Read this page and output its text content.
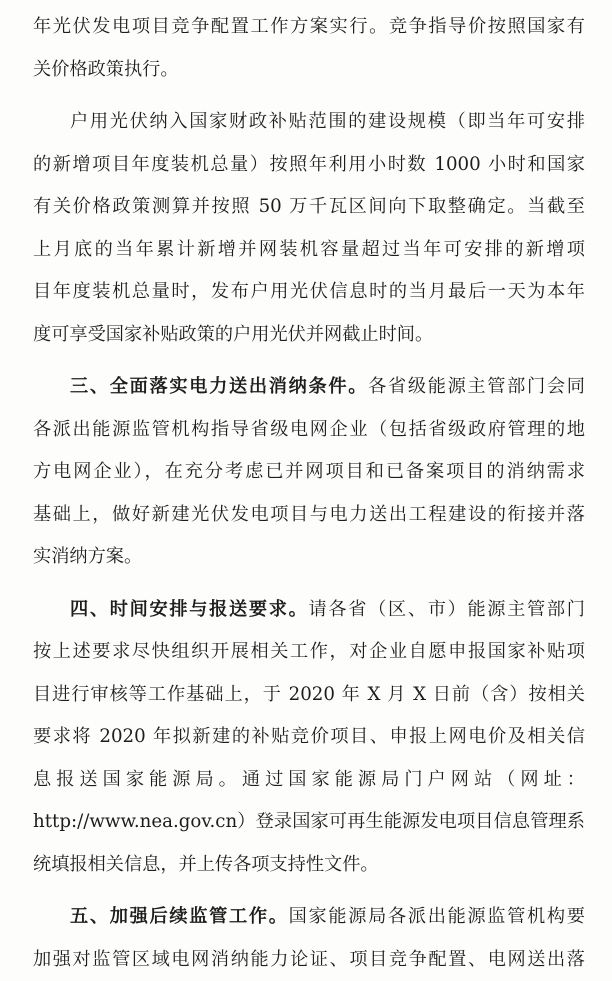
年光伏发电项目竞争配置工作方案实行。竞争指导价按照国家有
关价格政策执行。
户用光伏纳入国家财政补贴范围的建设规模（即当年可安排
的新增项目年度装机总量）按照年利用小时数 1000 小时和国家
有关价格政策测算并按照 50 万千瓦区间向下取整确定。当截至
上月底的当年累计新增并网装机容量超过当年可安排的新增项
目年度装机总量时，发布户用光伏信息时的当月最后一天为本年
度可享受国家补贴政策的户用光伏并网截止时间。
三、全面落实电力送出消纳条件。各省级能源主管部门会同
各派出能源监管机构指导省级电网企业（包括省级政府管理的地
方电网企业），在充分考虑已并网项目和已备案项目的消纳需求
基础上，做好新建光伏发电项目与电力送出工程建设的衔接并落
实消纳方案。
四、时间安排与报送要求。请各省（区、市）能源主管部门
按上述要求尽快组织开展相关工作，对企业自愿申报国家补贴项
目进行审核等工作基础上，于 2020 年 X 月 X 日前（含）按相关
要求将 2020 年拟新建的补贴竞价项目、申报上网电价及相关信
息报送国家能源局。通过国家能源局门户网站（网址：
http://www.nea.gov.cn）登录国家可再生能源发电项目信息管理系
统填报相关信息，并上传各项支持性文件。
五、加强后续监管工作。国家能源局各派出能源监管机构要
加强对监管区域电网消纳能力论证、项目竞争配置、电网送出落
